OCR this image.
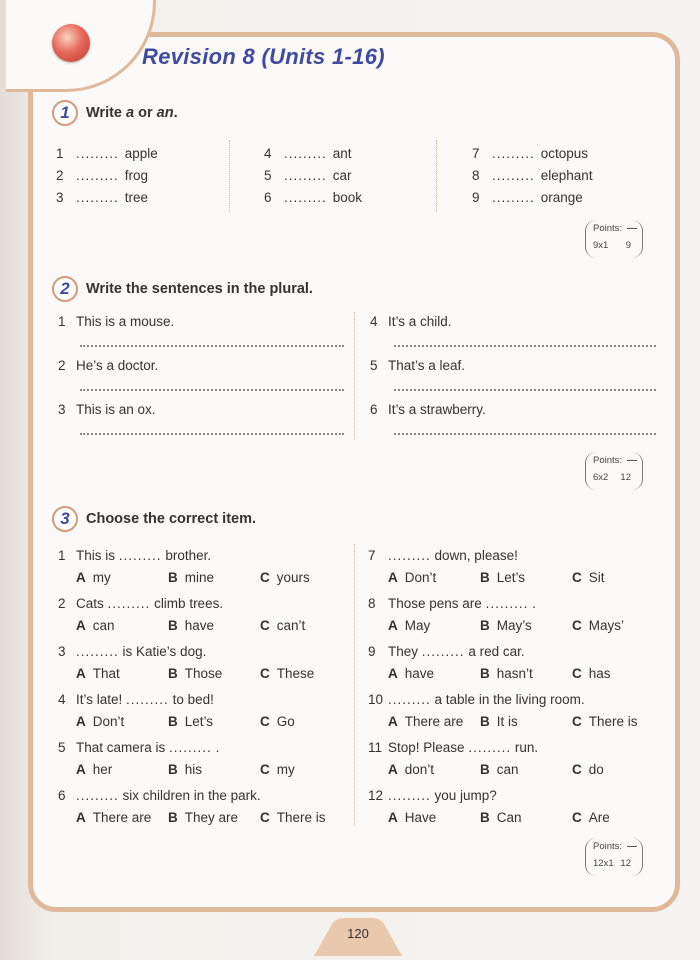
Revision 8 (Units 1-16)
1	Write a or an.
1 ......... apple
2 ......... frog
3 ......... tree
4 ......... ant
5 ......... car
6 ......... book
7 ......... octopus
8 ......... elephant
9 ......... orange
Points:
9x1 9
2	Write the sentences in the plural.
1 This is a mouse.
2 He’s a doctor.
3 This is an ox.
4 It’s a child.
5 That’s a leaf.
6 It’s a strawberry.
Points:
6x2 12
3	Choose the correct item.
1 This is ......... brother.
A my	B mine	C yours
2 Cats ......... climb trees.
A can	B have	C can’t
3 ......... is Katie’s dog.
A That	B Those	C These
4 It’s late! ......... to bed!
A Don’t	B Let’s	C Go
5 That camera is ......... .
A her	B his	C my
6 ......... six children in the park.
A There are B They are C There is
7 ......... down, please!
A Don’t	B Let’s	C Sit
8 Those pens are ......... .
A May	B May’s	C Mays’
9 They ......... a red car.
A have	B hasn’t	C has
10 ......... a table in the living room.
A There are B It is	C There is
11 Stop! Please ......... run.
A don’t	B can	C do
12 ......... you jump?
A Have	B Can	C Are
Points:
12x1 12
120
